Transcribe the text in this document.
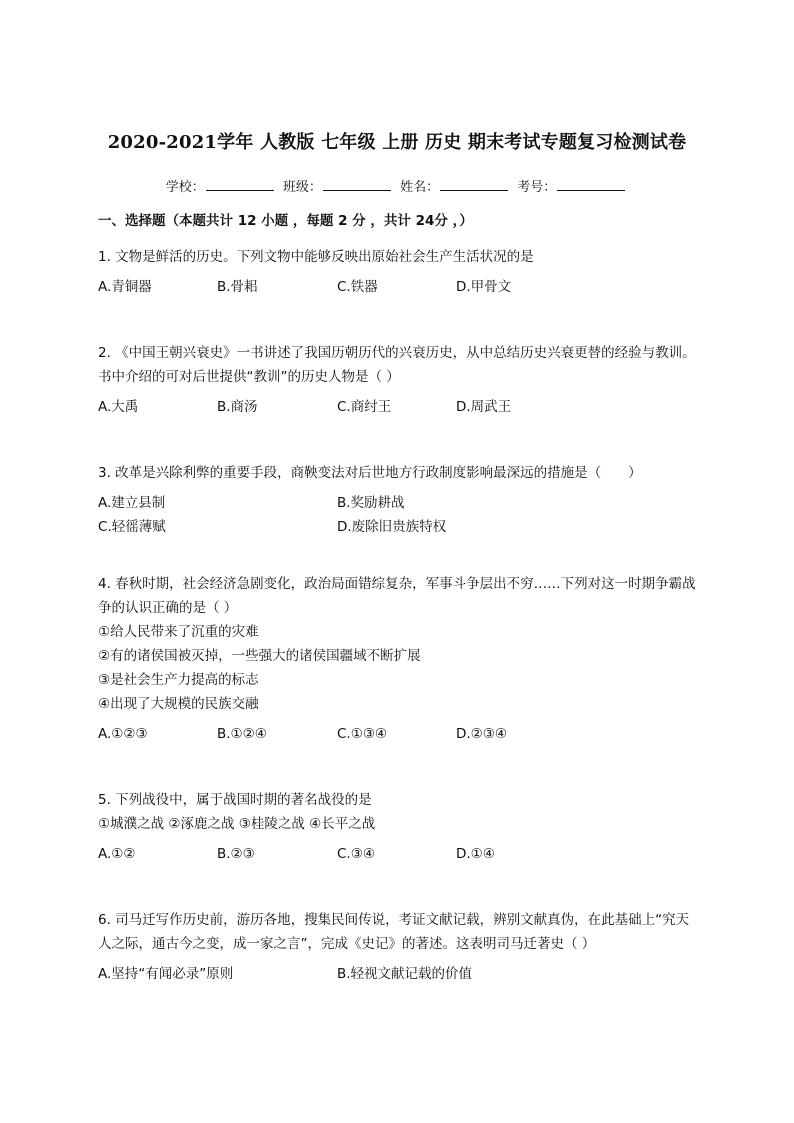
2020-2021学年 人教版 七年级 上册 历史 期末考试专题复习检测试卷
学校：	班级：	姓名：	考号：
一、选择题（本题共计 12 小题 ，每题 2 分 ，共计 24分 ，）

1. 文物是鲜活的历史。下列文物中能够反映出原始社会生产生活状况的是

A.青铜器	B.骨耜	C.铁器	D.甲骨文

2. 《中国王朝兴衰史》一书讲述了我国历朝历代的兴衰历史，从中总结历史兴衰更替的经验与教训。书中介绍的可对后世提供“教训”的历史人物是（ ）

A.大禹	B.商汤	C.商纣王	D.周武王

3. 改革是兴除利弊的重要手段，商鞅变法对后世地方行政制度影响最深远的措施是（　　）

A.建立县制	B.奖励耕战
C.轻徭薄赋	D.废除旧贵族特权

4. 春秋时期，社会经济急剧变化，政治局面错综复杂，军事斗争层出不穷……下列对这一时期争霸战争的认识正确的是（ ）

①给人民带来了沉重的灾难

②有的诸侯国被灭掉，一些强大的诸侯国疆域不断扩展

③是社会生产力提高的标志

④出现了大规模的民族交融

A.①②③	B.①②④	C.①③④	D.②③④

5. 下列战役中，属于战国时期的著名战役的是

①城濮之战 ②涿鹿之战 ③桂陵之战 ④长平之战

A.①②	B.②③	C.③④	D.①④

6. 司马迁写作历史前，游历各地，搜集民间传说，考证文献记载，辨别文献真伪，在此基础上“究天人之际，通古今之变，成一家之言”，完成《史记》的著述。这表明司马迁著史（ ）

A.坚持“有闻必录”原则	B.轻视文献记载的价值
